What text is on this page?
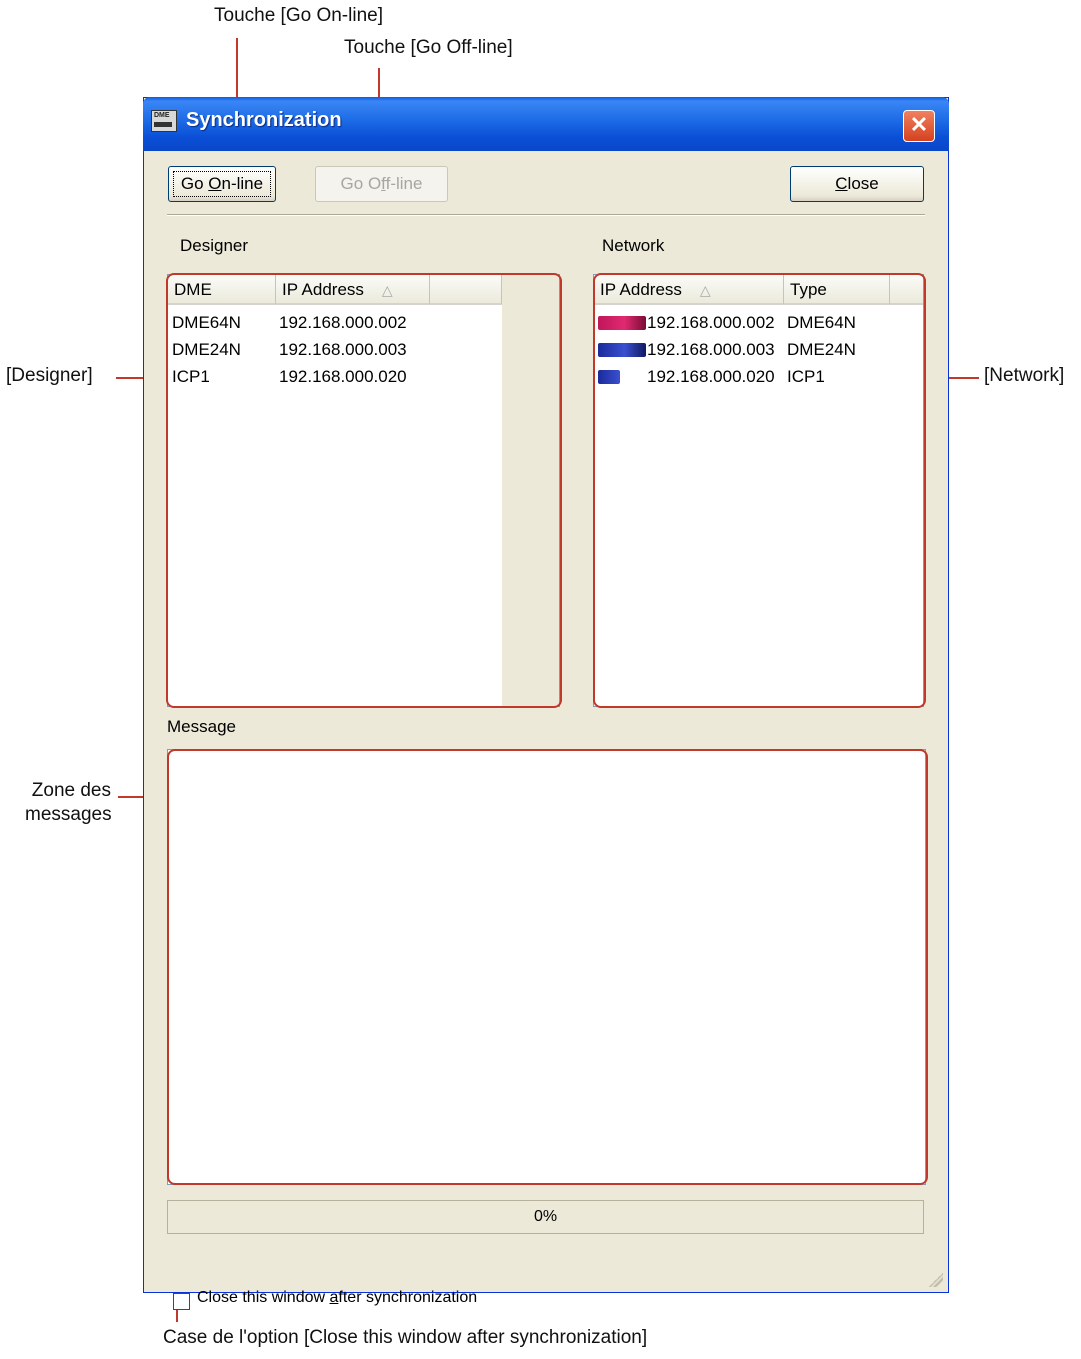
Touche [Go On-line]
Touche [Go Off-line]
[Designer]	[Network]
Zone des
messages
Case de l'option [Close this window after synchronization]
DME Synchronization	✕
Go On-line	Go Off-line	Close
Designer
DME	IP Address △
DME64N 192.168.000.002
DME24N 192.168.000.003
ICP1	192.168.000.020
Network
IP Address △	Type
192.168.000.002 DME64N
192.168.000.003 DME24N
192.168.000.020 ICP1
Message
0%
Close this window after synchronization
